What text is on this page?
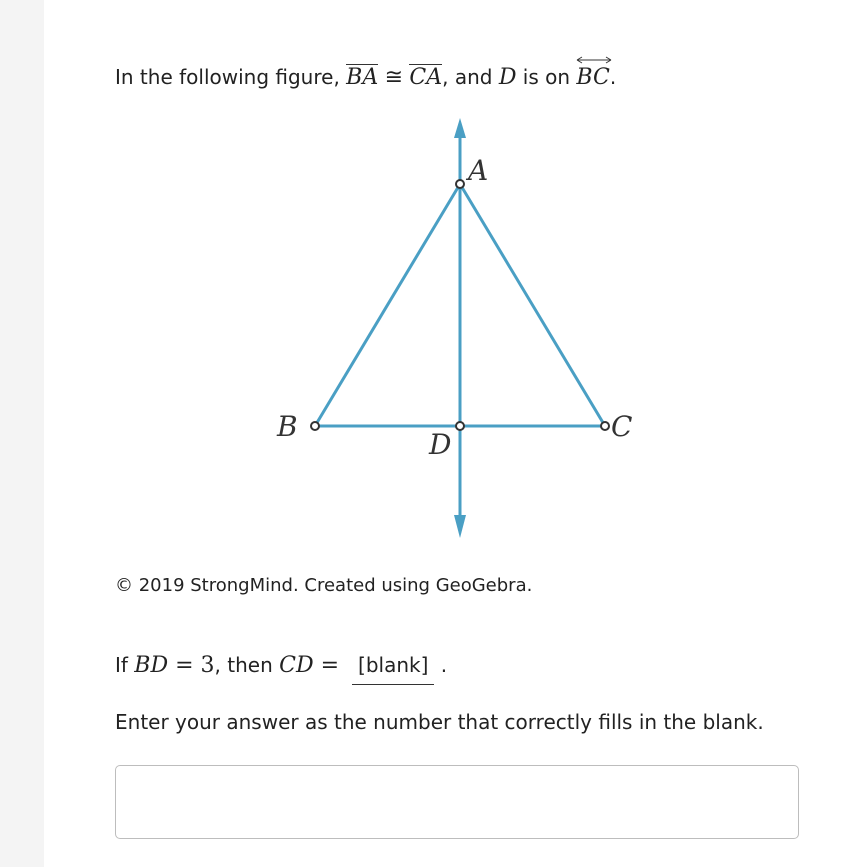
In the following figure, BA ≅ CA, and D is on
BC.
A
B	C
D
© 2019 StrongMind. Created using GeoGebra.
If BD = 3, then CD = [blank] .
Enter your answer as the number that correctly fills in the blank.
